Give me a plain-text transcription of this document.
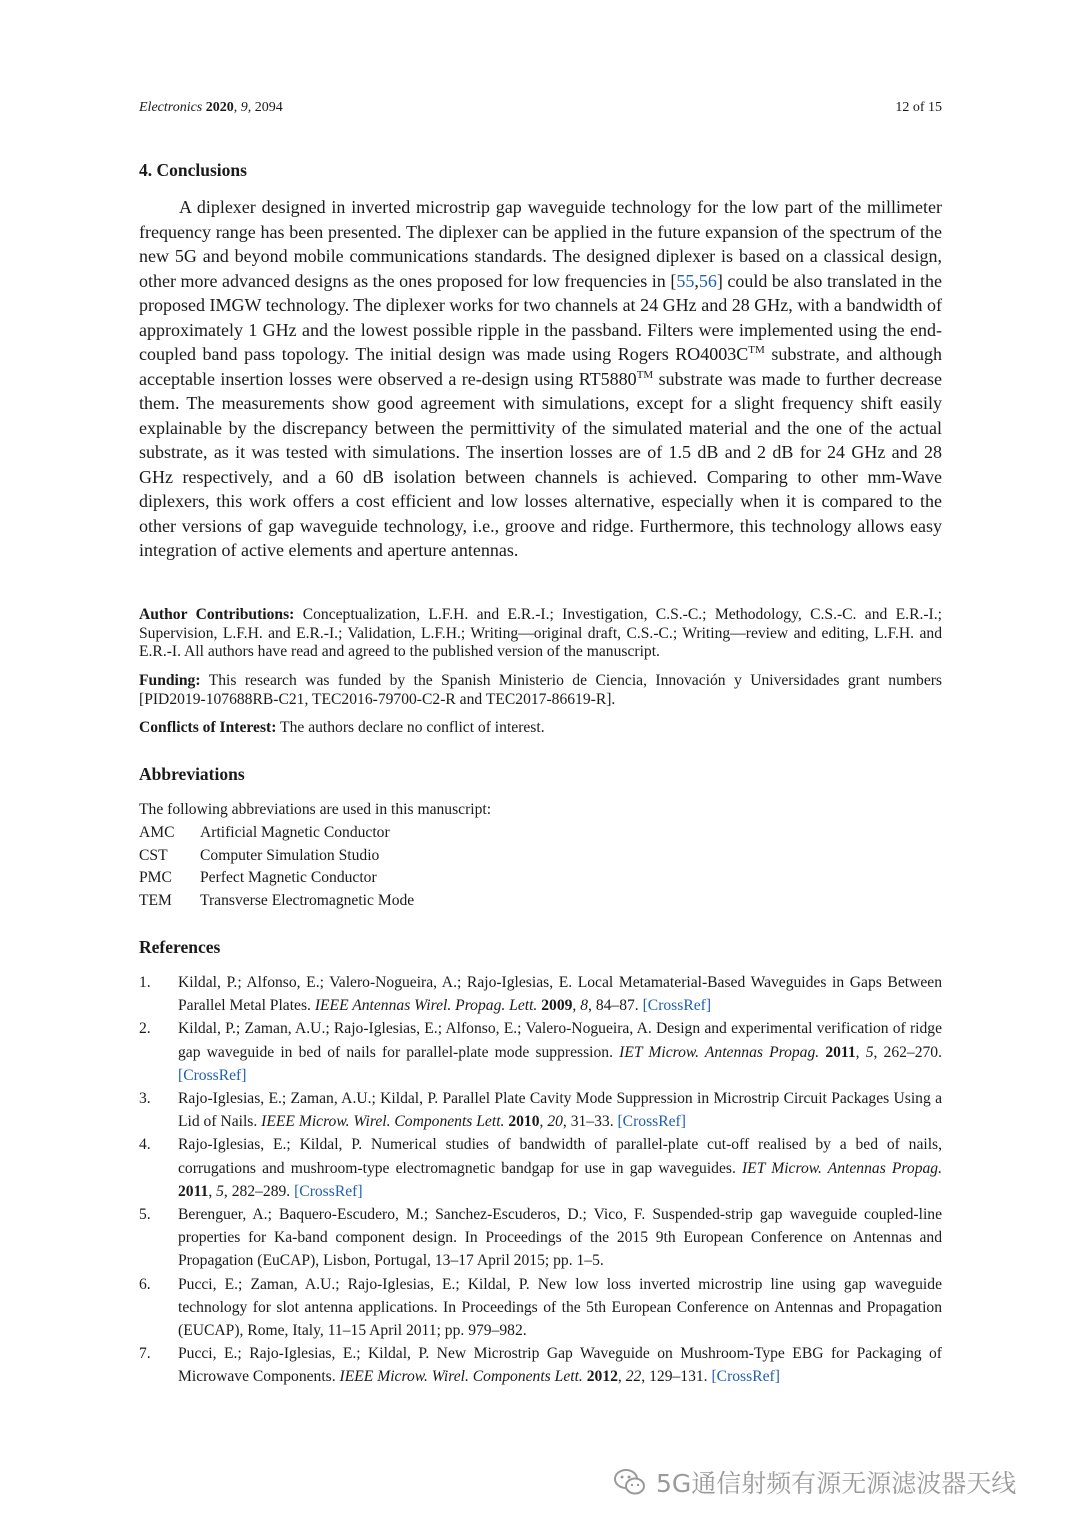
Electronics 2020, 9, 2094	12 of 15
4. Conclusions

A diplexer designed in inverted microstrip gap waveguide technology for the low part of the millimeter frequency range has been presented. The diplexer can be applied in the future expansion of the spectrum of the new 5G and beyond mobile communications standards. The designed diplexer is based on a classical design, other more advanced designs as the ones proposed for low frequencies in [55,56] could be also translated in the proposed IMGW technology. The diplexer works for two channels at 24 GHz and 28 GHz, with a bandwidth of approximately 1 GHz and the lowest possible ripple in the passband. Filters were implemented using the end-coupled band pass topology. The initial design was made using Rogers RO4003C™ substrate, and although acceptable insertion losses were observed a re-design using RT5880™ substrate was made to further decrease them. The measurements show good agreement with simulations, except for a slight frequency shift easily explainable by the discrepancy between the permittivity of the simulated material and the one of the actual substrate, as it was tested with simulations. The insertion losses are of 1.5 dB and 2 dB for 24 GHz and 28 GHz respectively, and a 60 dB isolation between channels is achieved. Comparing to other mm-Wave diplexers, this work offers a cost efficient and low losses alternative, especially when it is compared to the other versions of gap waveguide technology, i.e., groove and ridge. Furthermore, this technology allows easy integration of active elements and aperture antennas.

Author Contributions: Conceptualization, L.F.H. and E.R.-I.; Investigation, C.S.-C.; Methodology, C.S.-C. and E.R.-I.; Supervision, L.F.H. and E.R.-I.; Validation, L.F.H.; Writing—original draft, C.S.-C.; Writing—review and editing, L.F.H. and E.R.-I. All authors have read and agreed to the published version of the manuscript.
Funding: This research was funded by the Spanish Ministerio de Ciencia, Innovación y Universidades grant numbers [PID2019-107688RB-C21, TEC2016-79700-C2-R and TEC2017-86619-R].
Conflicts of Interest: The authors declare no conflict of interest.
Abbreviations
The following abbreviations are used in this manuscript:
AMC	Artificial Magnetic Conductor
CST	Computer Simulation Studio
PMC	Perfect Magnetic Conductor
TEM	Transverse Electromagnetic Mode
References
1.	Kildal, P.; Alfonso, E.; Valero-Nogueira, A.; Rajo-Iglesias, E. Local Metamaterial-Based Waveguides in Gaps Between Parallel Metal Plates. IEEE Antennas Wirel. Propag. Lett. 2009, 8, 84–87. [CrossRef]
2.	Kildal, P.; Zaman, A.U.; Rajo-Iglesias, E.; Alfonso, E.; Valero-Nogueira, A. Design and experimental verification of ridge gap waveguide in bed of nails for parallel-plate mode suppression. IET Microw. Antennas Propag. 2011, 5, 262–270. [CrossRef]
3.	Rajo-Iglesias, E.; Zaman, A.U.; Kildal, P. Parallel Plate Cavity Mode Suppression in Microstrip Circuit Packages Using a Lid of Nails. IEEE Microw. Wirel. Components Lett. 2010, 20, 31–33. [CrossRef]
4.	Rajo-Iglesias, E.; Kildal, P. Numerical studies of bandwidth of parallel-plate cut-off realised by a bed of nails, corrugations and mushroom-type electromagnetic bandgap for use in gap waveguides. IET Microw. Antennas Propag. 2011, 5, 282–289. [CrossRef]
5.	Berenguer, A.; Baquero-Escudero, M.; Sanchez-Escuderos, D.; Vico, F. Suspended-strip gap waveguide coupled-line properties for Ka-band component design. In Proceedings of the 2015 9th European Conference on Antennas and Propagation (EuCAP), Lisbon, Portugal, 13–17 April 2015; pp. 1–5.
6.	Pucci, E.; Zaman, A.U.; Rajo-Iglesias, E.; Kildal, P. New low loss inverted microstrip line using gap waveguide technology for slot antenna applications. In Proceedings of the 5th European Conference on Antennas and Propagation (EUCAP), Rome, Italy, 11–15 April 2011; pp. 979–982.
7.	Pucci, E.; Rajo-Iglesias, E.; Kildal, P. New Microstrip Gap Waveguide on Mushroom-Type EBG for Packaging of Microwave Components. IEEE Microw. Wirel. Components Lett. 2012, 22, 129–131. [CrossRef]
5G通信射频有源无源滤波器天线
